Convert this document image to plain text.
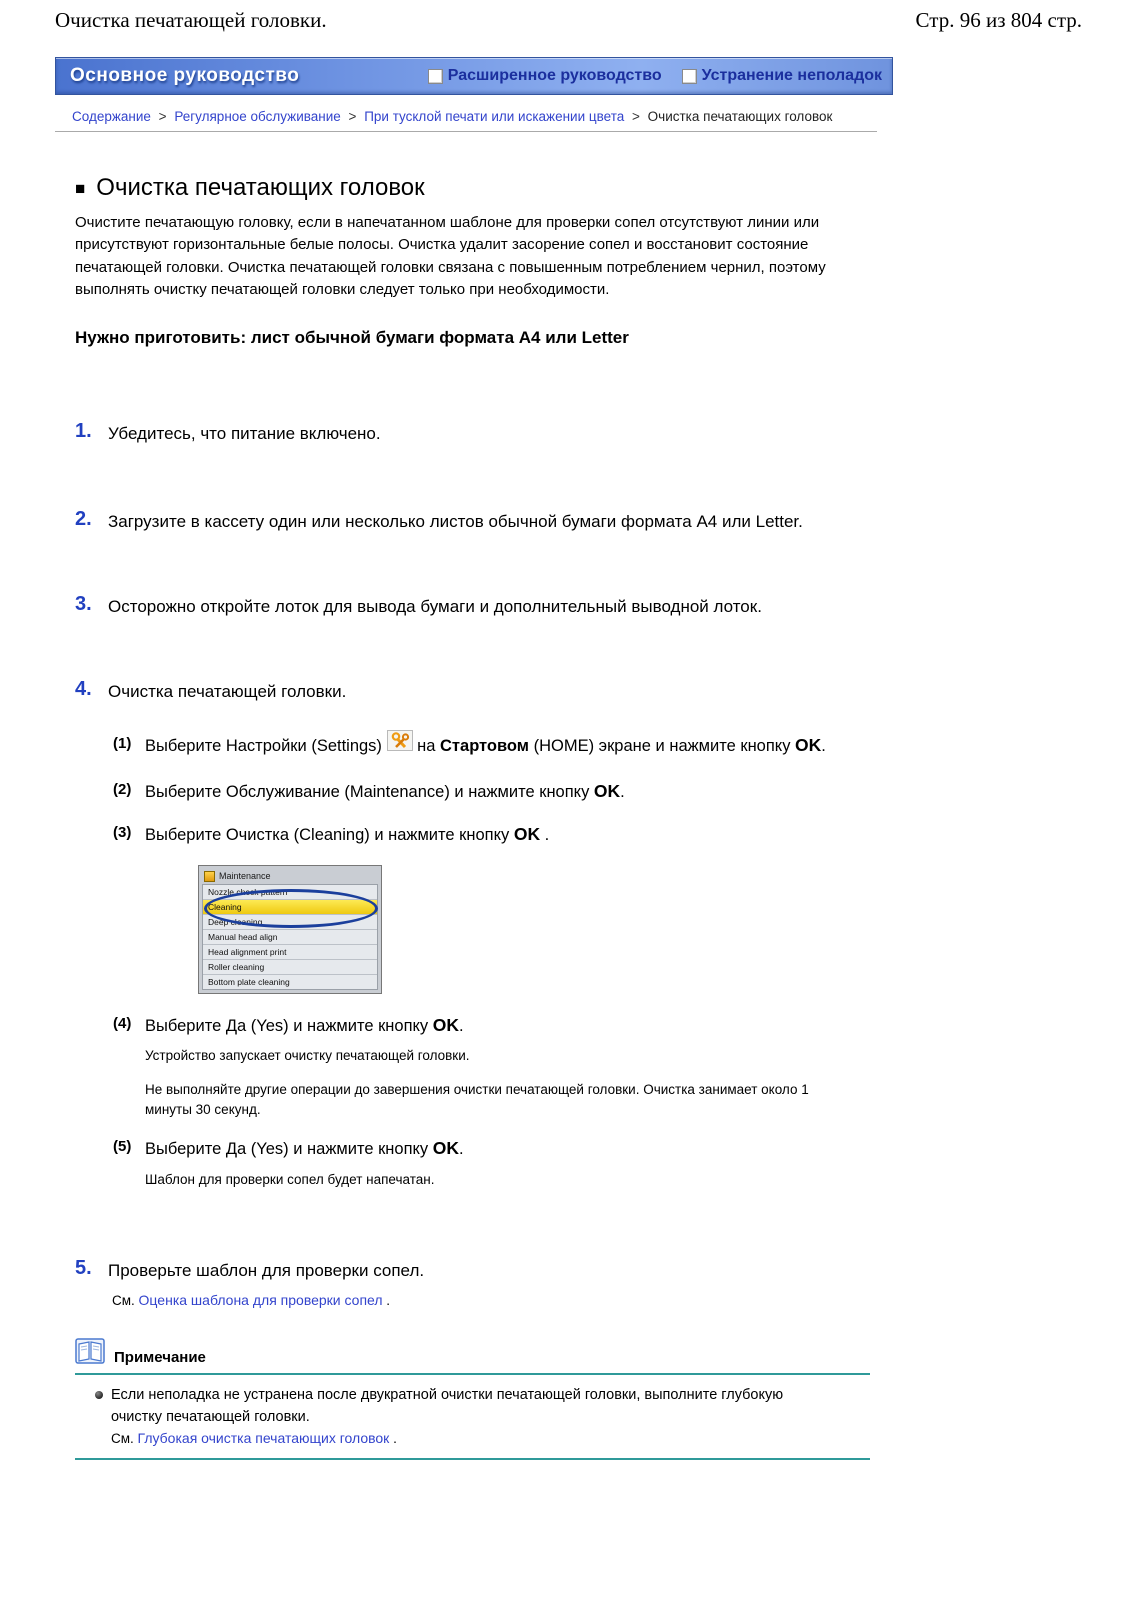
Очистка печатающей головки.	Стр. 96 из 804 стр.
Основное руководство	Расширенное руководство	Устранение неполадок
Содержание > Регулярное обслуживание > При тусклой печати или искажении цвета > Очистка печатающих головок
■ Очистка печатающих головок
Очистите печатающую головку, если в напечатанном шаблоне для проверки сопел отсутствуют линии или присутствуют горизонтальные белые полосы. Очистка удалит засорение сопел и восстановит состояние печатающей головки. Очистка печатающей головки связана с повышенным потреблением чернил, поэтому выполнять очистку печатающей головки следует только при необходимости.
Нужно приготовить: лист обычной бумаги формата A4 или Letter
1. Убедитесь, что питание включено.
2. Загрузите в кассету один или несколько листов обычной бумаги формата A4 или Letter.
3. Осторожно откройте лоток для вывода бумаги и дополнительный выводной лоток.
4. Очистка печатающей головки.
(1) Выберите Настройки (Settings) на Стартовом (HOME) экране и нажмите кнопку OK.
(2) Выберите Обслуживание (Maintenance) и нажмите кнопку OK.
(3) Выберите Очистка (Cleaning) и нажмите кнопку OK .
Maintenance
Nozzle check pattern
Cleaning
Deep cleaning
Manual head align
Head alignment print
Roller cleaning
Bottom plate cleaning
(4) Выберите Да (Yes) и нажмите кнопку OK.
Устройство запускает очистку печатающей головки.
Не выполняйте другие операции до завершения очистки печатающей головки. Очистка занимает около 1 минуты 30 секунд.
(5) Выберите Да (Yes) и нажмите кнопку OK.
Шаблон для проверки сопел будет напечатан.
5. Проверьте шаблон для проверки сопел.
См. Оценка шаблона для проверки сопел .
Примечание
Если неполадка не устранена после двукратной очистки печатающей головки, выполните глубокую очистку печатающей головки.
См. Глубокая очистка печатающих головок .
